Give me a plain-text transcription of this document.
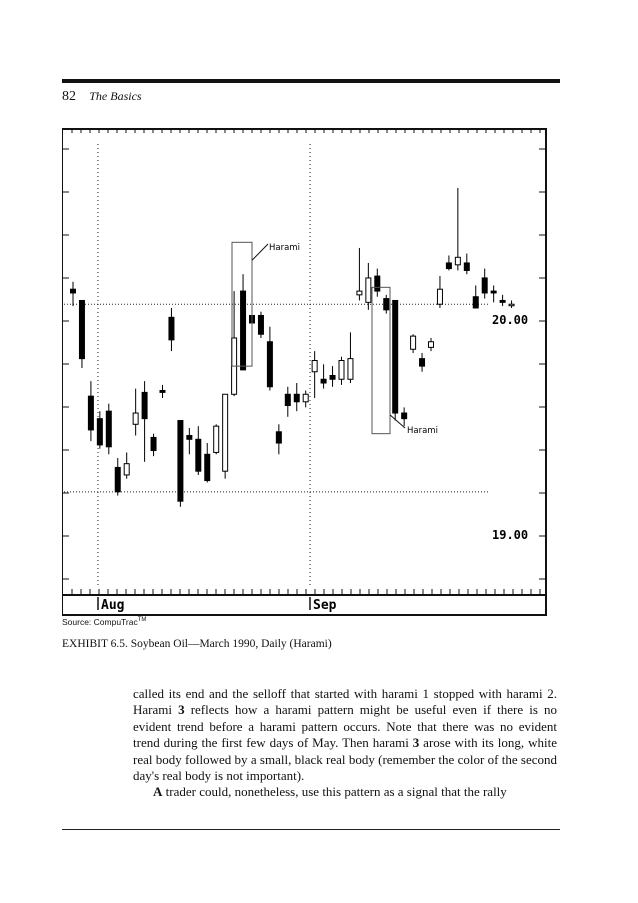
82 The Basics
Aug	Sep
20.00
19.00
Harami
Harami
Source: CompuTrac™
EXHIBIT 6.5. Soybean Oil—March 1990, Daily (Harami)

called its end and the selloff that started with harami 1 stopped with harami 2. Harami 3 reflects how a harami pattern might be useful even if there is no evident trend before a harami pattern occurs. Note that there was no evident trend during the first few days of May. Then harami 3 arose with its long, white real body followed by a small, black real body (remember the color of the second day's real body is not important).

A trader could, nonetheless, use this pattern as a signal that the rally
